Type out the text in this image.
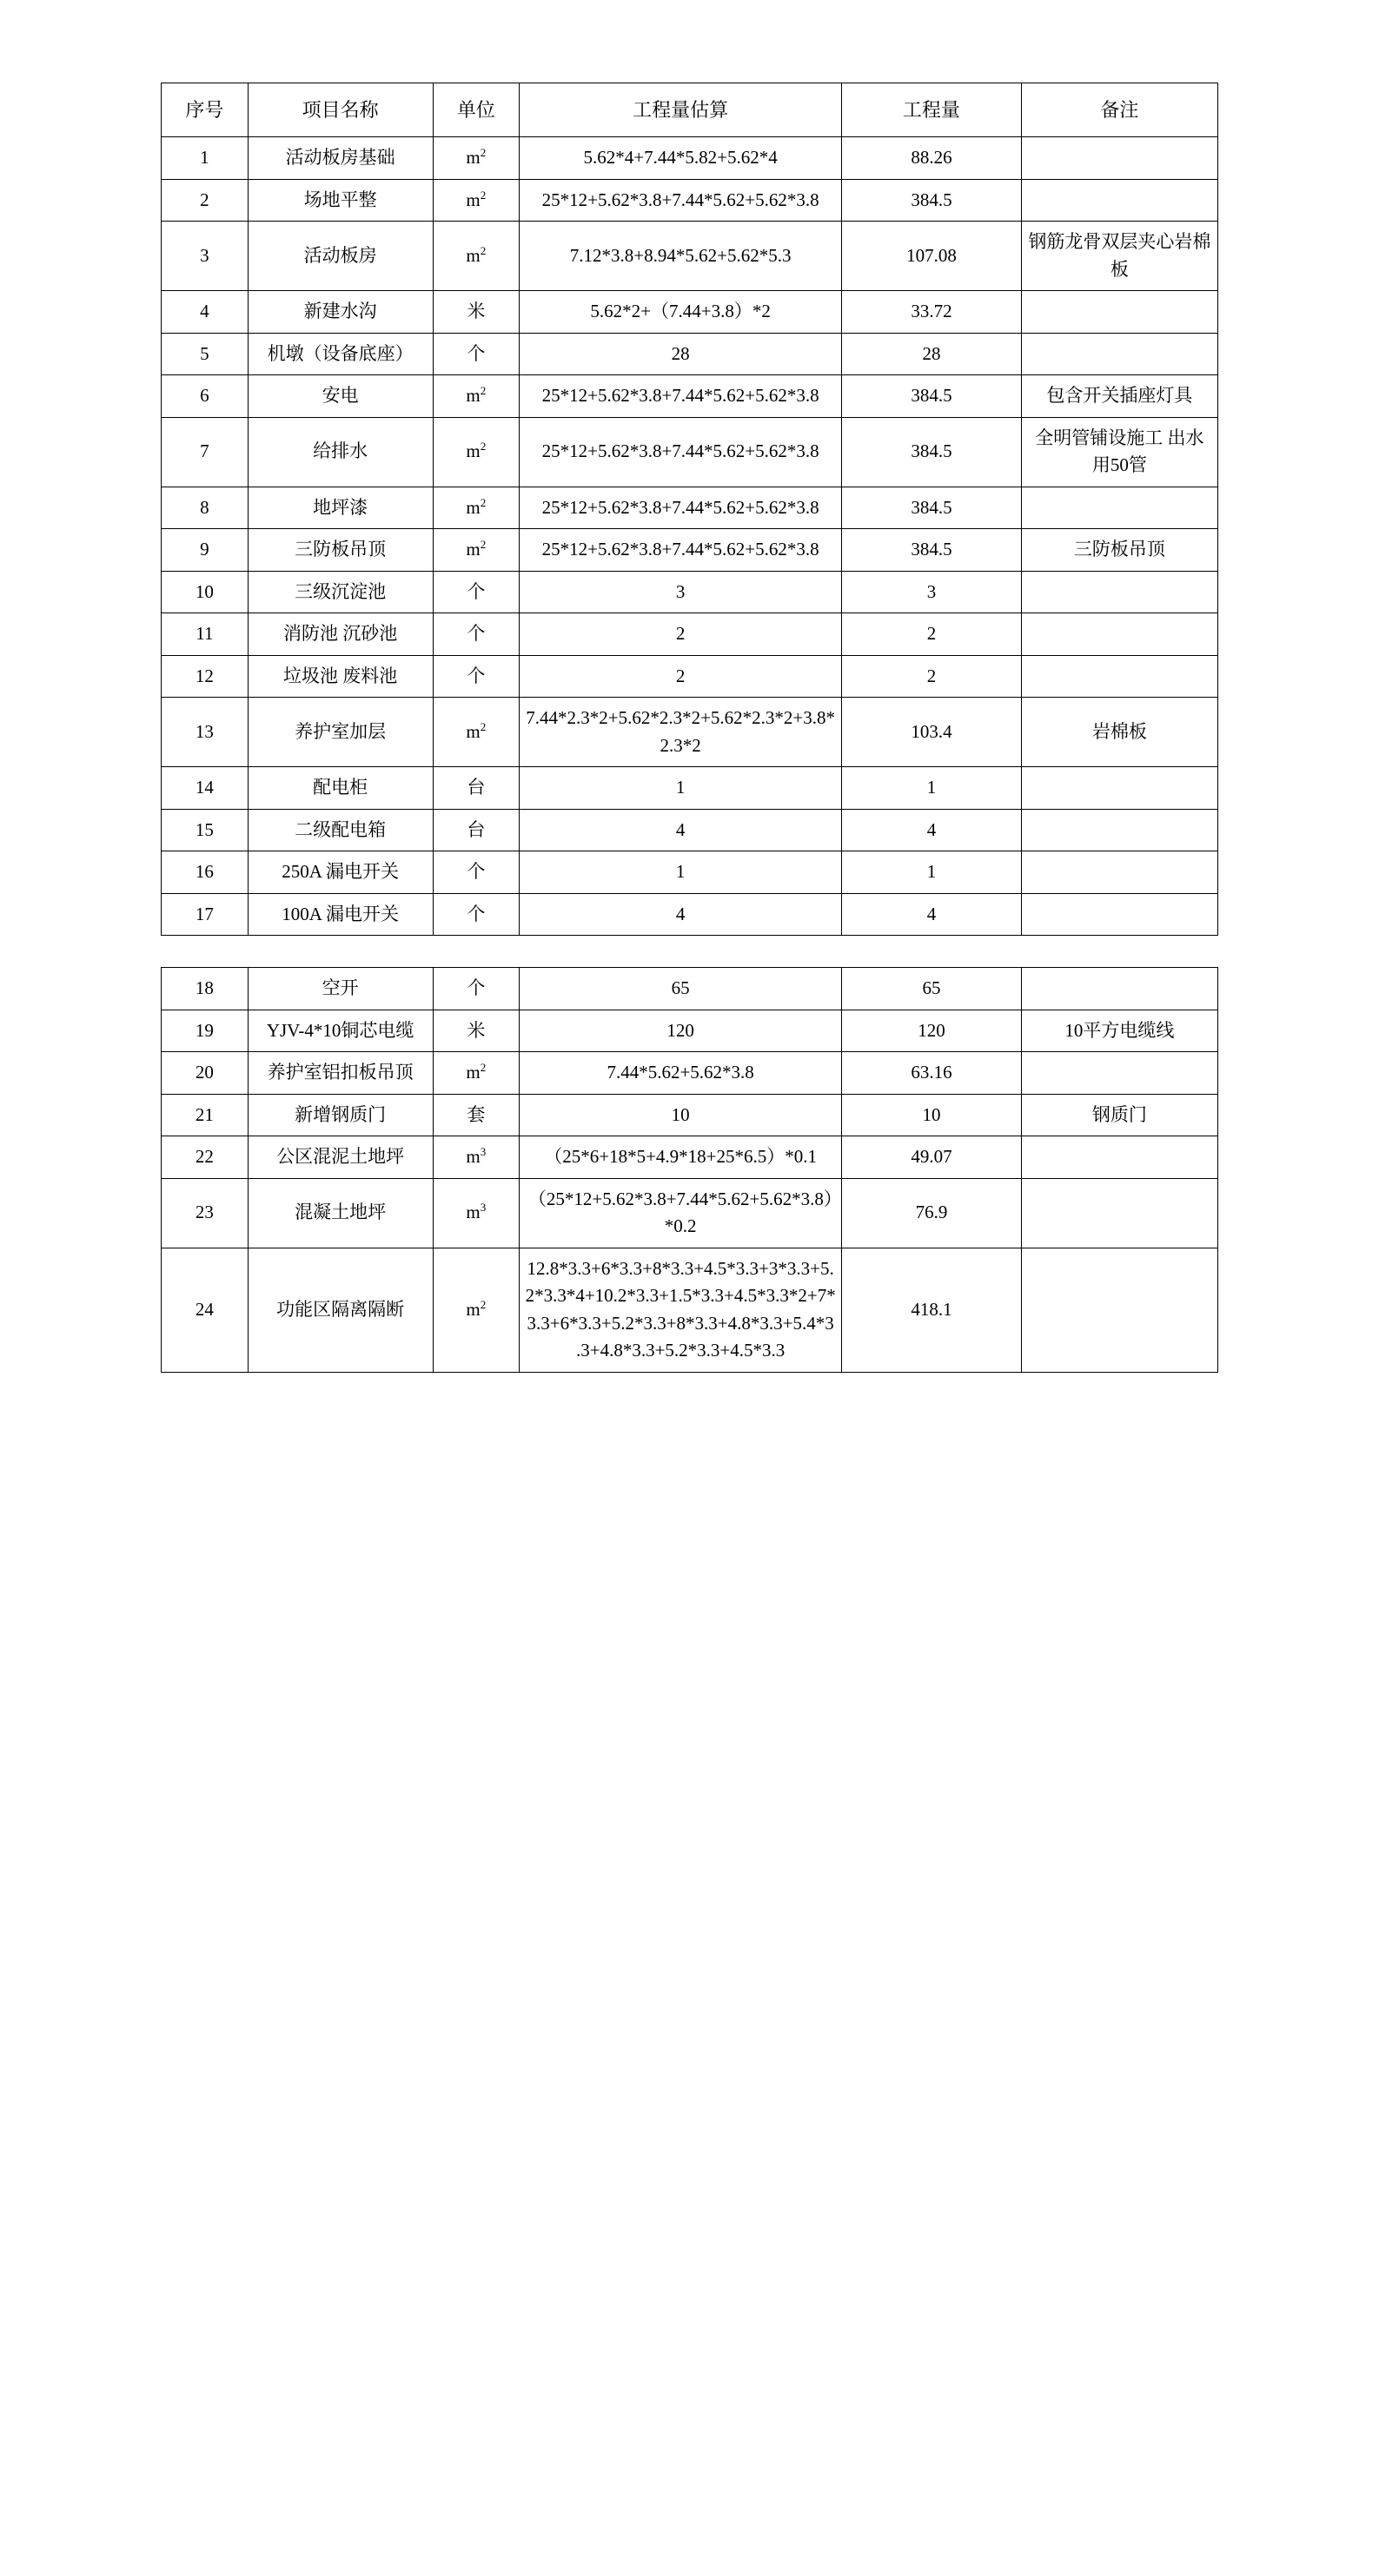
序号	项目名称	单位	工程量估算	工程量	备注
1	活动板房基础	$m^2$	5.62*4+7.44*5.82+5.62*4	88.26	
2	场地平整	$m^2$	25*12+5.62*3.8+7.44*5.62+5.62*3.8	384.5	
3	活动板房	$m^2$	7.12*3.8+8.94*5.62+5.62*5.3	107.08	钢筋龙骨双层夹心岩棉板
4	新建水沟	米	5.62*2+（7.44+3.8）*2	33.72	
5	机墩（设备底座）	个	28	28	
6	安电	$m^2$	25*12+5.62*3.8+7.44*5.62+5.62*3.8	384.5	包含开关插座灯具
7	给排水	$m^2$	25*12+5.62*3.8+7.44*5.62+5.62*3.8	384.5	全明管铺设施工 出水用50管
8	地坪漆	$m^2$	25*12+5.62*3.8+7.44*5.62+5.62*3.8	384.5	
9	三防板吊顶	$m^2$	25*12+5.62*3.8+7.44*5.62+5.62*3.8	384.5	三防板吊顶
10	三级沉淀池	个	3	3	
11	消防池 沉砂池	个	2	2	
12	垃圾池 废料池	个	2	2	
13	养护室加层	$m^2$	7.44*2.3*2+5.62*2.3*2+5.62*2.3*2+3.8*2.3*2	103.4	岩棉板
14	配电柜	台	1	1	
15	二级配电箱	台	4	4	
16	250A 漏电开关	个	1	1	
17	100A 漏电开关	个	4	4	
18	空开	个	65	65	
19	YJV-4*10铜芯电缆	米	120	120	10平方电缆线
20	养护室铝扣板吊顶	$m^2$	7.44*5.62+5.62*3.8	63.16	
21	新增钢质门	套	10	10	钢质门
22	公区混泥土地坪	$m^3$	（25*6+18*5+4.9*18+25*6.5）*0.1	49.07	
23	混凝土地坪	$m^3$	（25*12+5.62*3.8+7.44*5.62+5.62*3.8）*0.2	76.9	
24	功能区隔离隔断	$m^2$	12.8*3.3+6*3.3+8*3.3+4.5*3.3+3*3.3+5.2*3.3*4+10.2*3.3+1.5*3.3+4.5*3.3*2+7*3.3+6*3.3+5.2*3.3+8*3.3+4.8*3.3+5.4*3.3+4.8*3.3+5.2*3.3+4.5*3.3	418.1	
